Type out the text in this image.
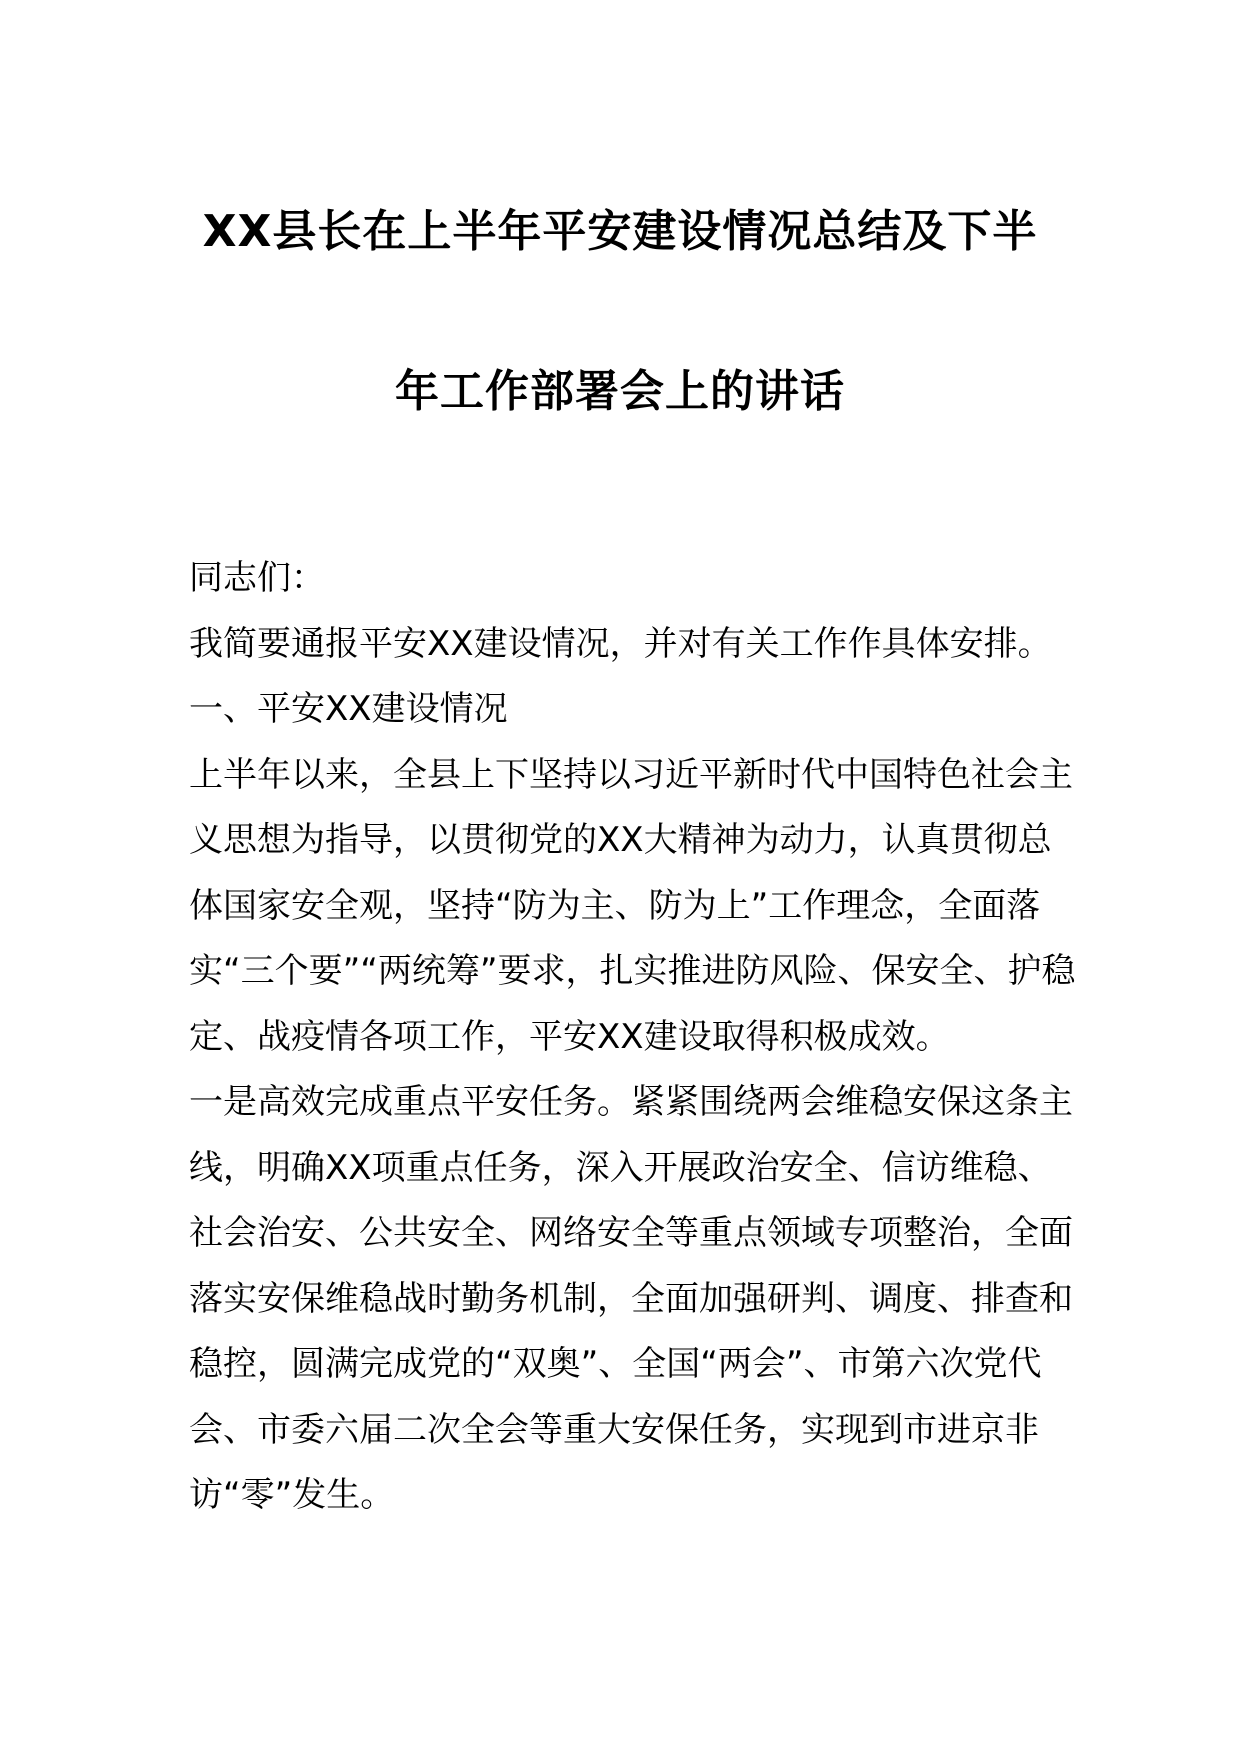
XX县长在上半年平安建设情况总结及下半
年工作部署会上的讲话

同志们：

我简要通报平安XX建设情况，并对有关工作作具体安排。

一、平安XX建设情况

上半年以来，全县上下坚持以习近平新时代中国特色社会主义思想为指导，以贯彻党的XX大精神为动力，认真贯彻总体国家安全观，坚持“防为主、防为上”工作理念，全面落实“三个要”“两统筹”要求，扎实推进防风险、保安全、护稳定、战疫情各项工作，平安XX建设取得积极成效。

一是高效完成重点平安任务。紧紧围绕两会维稳安保这条主线，明确XX项重点任务，深入开展政治安全、信访维稳、社会治安、公共安全、网络安全等重点领域专项整治，全面落实安保维稳战时勤务机制，全面加强研判、调度、排查和稳控，圆满完成党的“双奥”、全国“两会”、市第六次党代会、市委六届二次全会等重大安保任务，实现到市进京非访“零”发生。
